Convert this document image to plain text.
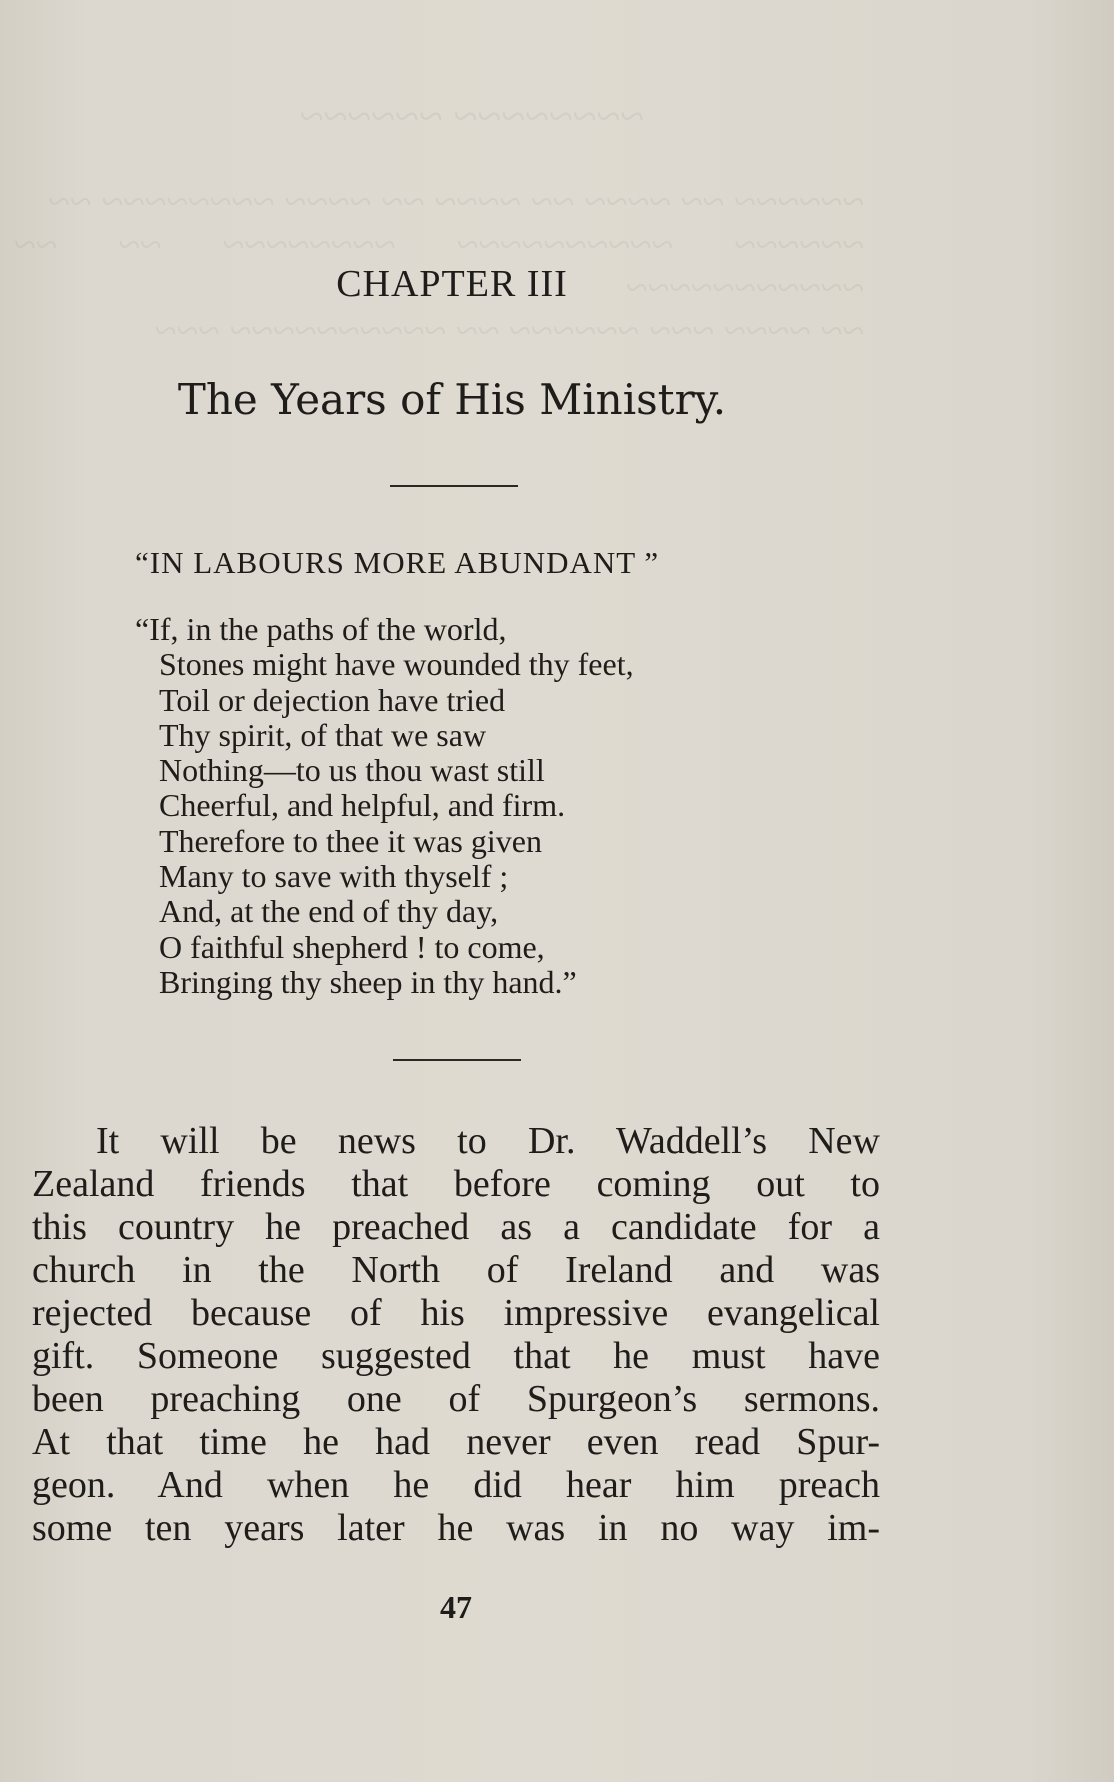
~~~~~~~~ ~~~~~~
~~~~~~ ~~ ~~~~ ~~ ~~~~ ~~ ~~~~ ~~~~~~~~ ~~
~~~~~~ ~~~~~~~~~~ ~~~~~~~~ ~~ ~~ ~~~~~~~~~~~
~~ ~~~~ ~~~ ~~~~~~ ~~ ~~~~~~~~~~ ~~~
CHAPTER III
The Years of His Ministry.
“IN LABOURS MORE ABUNDANT ”
“If, in the paths of the world,
Stones might have wounded thy feet,
Toil or dejection have tried
Thy spirit, of that we saw
Nothing—to us thou wast still
Cheerful, and helpful, and firm.
Therefore to thee it was given
Many to save with thyself ;
And, at the end of thy day,
O faithful shepherd ! to come,
Bringing thy sheep in thy hand.”
It will be news to Dr. Waddell’s New
Zealand friends that before coming out to
this country he preached as a candidate for a
church in the North of Ireland and was
rejected because of his impressive evangelical
gift. Someone suggested that he must have
been preaching one of Spurgeon’s sermons.
At that time he had never even read Spur-
geon. And when he did hear him preach
some ten years later he was in no way im-
47
